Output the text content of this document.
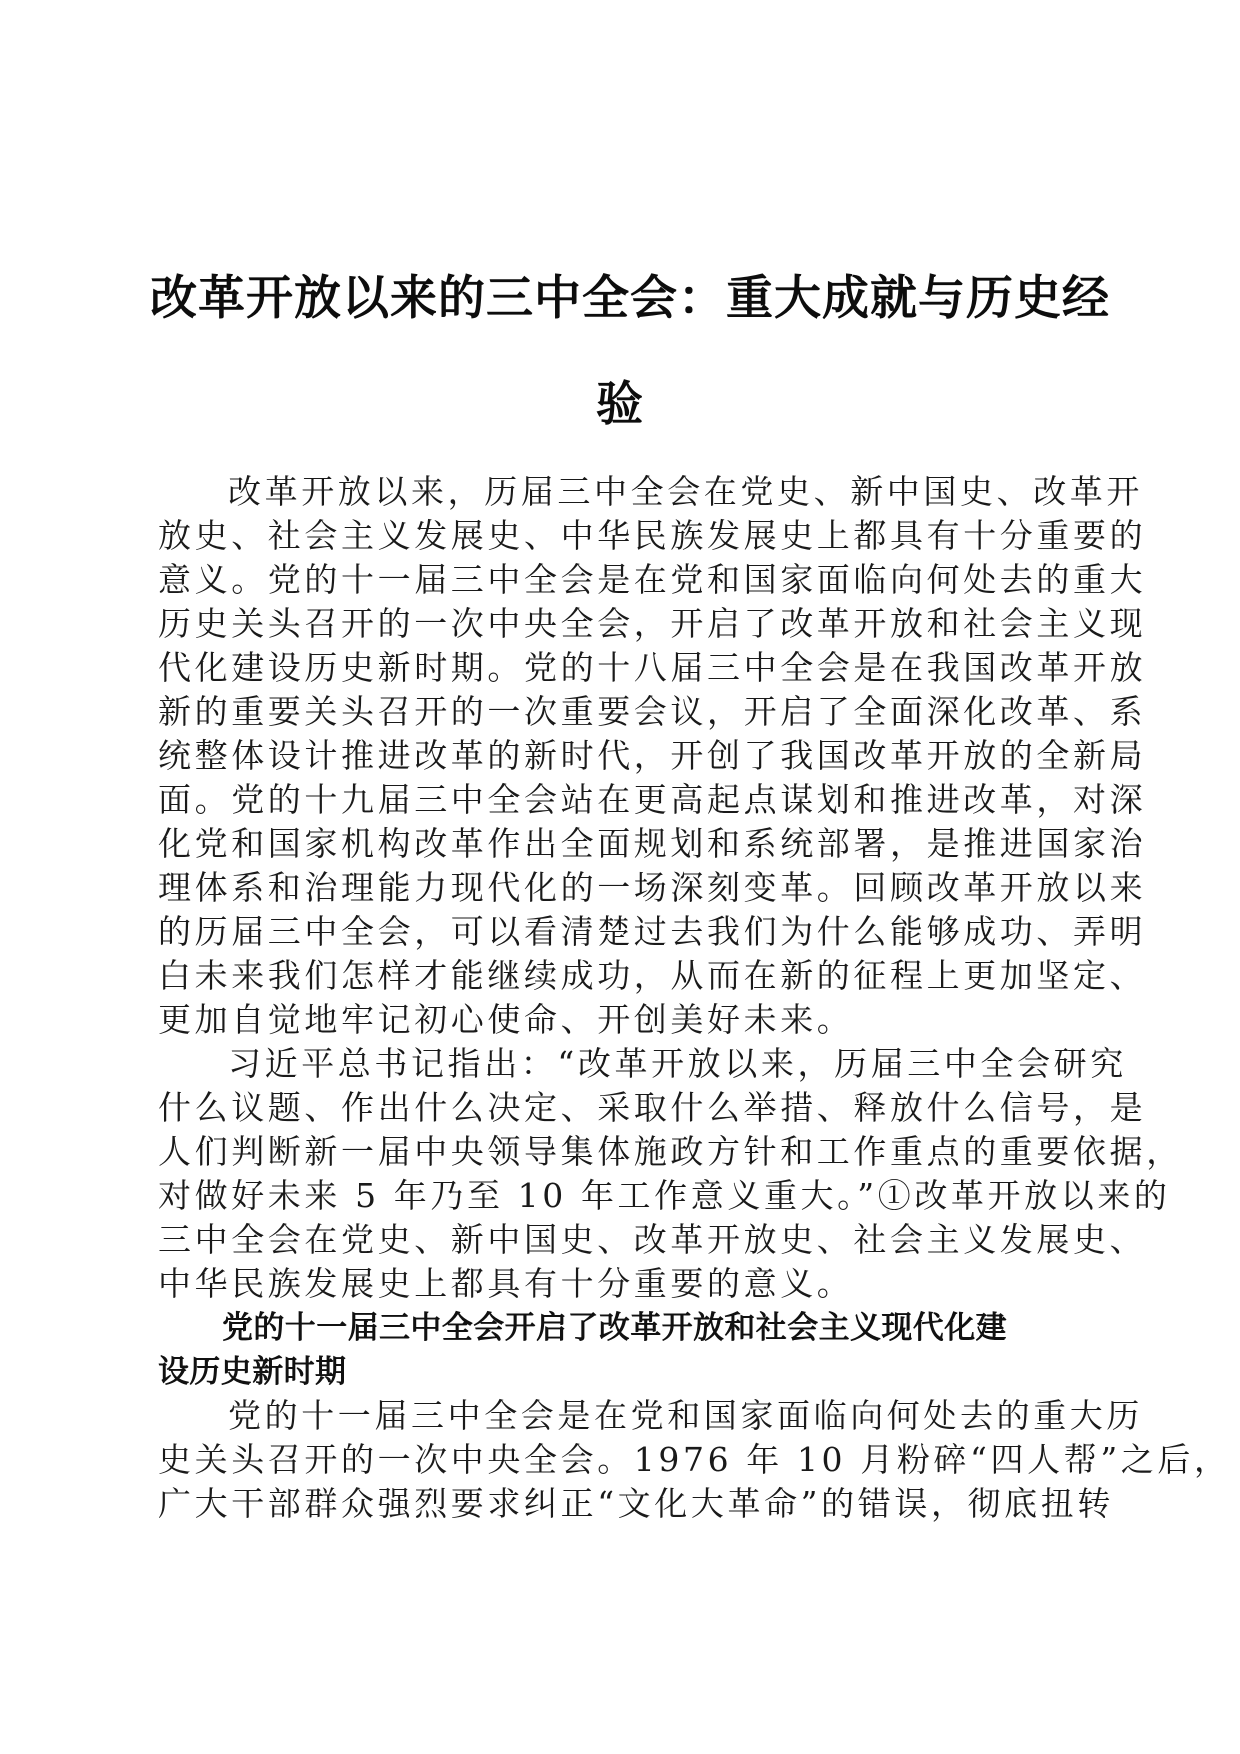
改革开放以来的三中全会：重大成就与历史经
验

改革开放以来，历届三中全会在党史、新中国史、改革开
放史、社会主义发展史、中华民族发展史上都具有十分重要的
意义。党的十一届三中全会是在党和国家面临向何处去的重大
历史关头召开的一次中央全会，开启了改革开放和社会主义现
代化建设历史新时期。党的十八届三中全会是在我国改革开放
新的重要关头召开的一次重要会议，开启了全面深化改革、系
统整体设计推进改革的新时代，开创了我国改革开放的全新局
面。党的十九届三中全会站在更高起点谋划和推进改革，对深
化党和国家机构改革作出全面规划和系统部署，是推进国家治
理体系和治理能力现代化的一场深刻变革。回顾改革开放以来
的历届三中全会，可以看清楚过去我们为什么能够成功、弄明
白未来我们怎样才能继续成功，从而在新的征程上更加坚定、
更加自觉地牢记初心使命、开创美好未来。

习近平总书记指出：“改革开放以来，历届三中全会研究
什么议题、作出什么决定、采取什么举措、释放什么信号，是
人们判断新一届中央领导集体施政方针和工作重点的重要依据，
对做好未来 5 年乃至 10 年工作意义重大。”①改革开放以来的
三中全会在党史、新中国史、改革开放史、社会主义发展史、
中华民族发展史上都具有十分重要的意义。

党的十一届三中全会开启了改革开放和社会主义现代化建
设历史新时期

党的十一届三中全会是在党和国家面临向何处去的重大历
史关头召开的一次中央全会。1976 年 10 月粉碎“四人帮”之后，
广大干部群众强烈要求纠正“文化大革命”的错误，彻底扭转
